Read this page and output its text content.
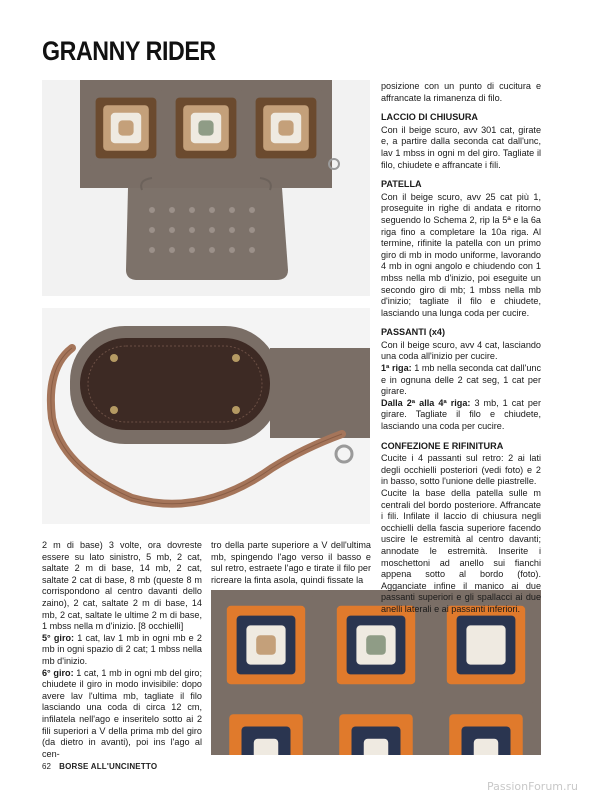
GRANNY RIDER

2 m di base) 3 volte, ora dovreste essere su lato sinistro, 5 mb, 2 cat, saltate 2 m di base, 14 mb, 2 cat, saltate 2 cat di base, 8 mb (queste 8 m corrispondono al centro davanti dello zaino), 2 cat, saltate 2 m di base, 14 mb, 2 cat, saltate le ultime 2 m di base, 1 mbss nella m d'inizio. [8 occhielli]

5° giro: 1 cat, lav 1 mb in ogni mb e 2 mb in ogni spazio di 2 cat; 1 mbss nella mb d'inizio.

6° giro: 1 cat, 1 mb in ogni mb del giro; chiudete il giro in modo invisibile: dopo avere lav l'ultima mb, tagliate il filo lasciando una coda di circa 12 cm, infilatela nell'ago e inseritelo sotto ai 2 fili superiori a V della prima mb del giro (da dietro in avanti), poi ins l'ago al cen-

tro della parte superiore a V dell'ultima mb, spingendo l'ago verso il basso e sul retro, estraete l'ago e tirate il filo per ricreare la finta asola, quindi fissate la

posizione con un punto di cucitura e affrancate la rimanenza di filo.

LACCIO DI CHIUSURA

Con il beige scuro, avv 301 cat, girate e, a partire dalla seconda cat dall'unc, lav 1 mbss in ogni m del giro. Tagliate il filo, chiudete e affrancate i fili.

PATELLA

Con il beige scuro, avv 25 cat più 1, proseguite in righe di andata e ritorno seguendo lo Schema 2, rip la 5ª e la 6a riga fino a completare la 10a riga. Al termine, rifinite la patella con un primo giro di mb in modo uniforme, lavorando 4 mb in ogni angolo e chiudendo con 1 mbss nella mb d'inizio, poi eseguite un secondo giro di mb; 1 mbss nella mb d'inizio; tagliate il filo e chiudete, lasciando una lunga coda per cucire.

PASSANTI (x4)

Con il beige scuro, avv 4 cat, lasciando una coda all'inizio per cucire.

1ª riga: 1 mb nella seconda cat dall'unc e in ognuna delle 2 cat seg, 1 cat per girare.

Dalla 2ª alla 4ª riga: 3 mb, 1 cat per girare. Tagliate il filo e chiudete, lasciando una coda per cucire.

CONFEZIONE E RIFINITURA

Cucite i 4 passanti sul retro: 2 ai lati degli occhielli posteriori (vedi foto) e 2 in basso, sotto l'unione delle piastrelle.

Cucite la base della patella sulle m centrali del bordo posteriore. Affrancate i fili. Infilate il laccio di chiusura negli occhielli della fascia superiore facendo uscire le estremità al centro davanti; annodate le estremità. Inserite i moschettoni ad anello sui fianchi appena sotto al bordo (foto). Agganciate infine il manico ai due passanti superiori e gli spallacci ai due anelli laterali e ai passanti inferiori.

62 BORSE ALL'UNCINETTO
PassionForum.ru
